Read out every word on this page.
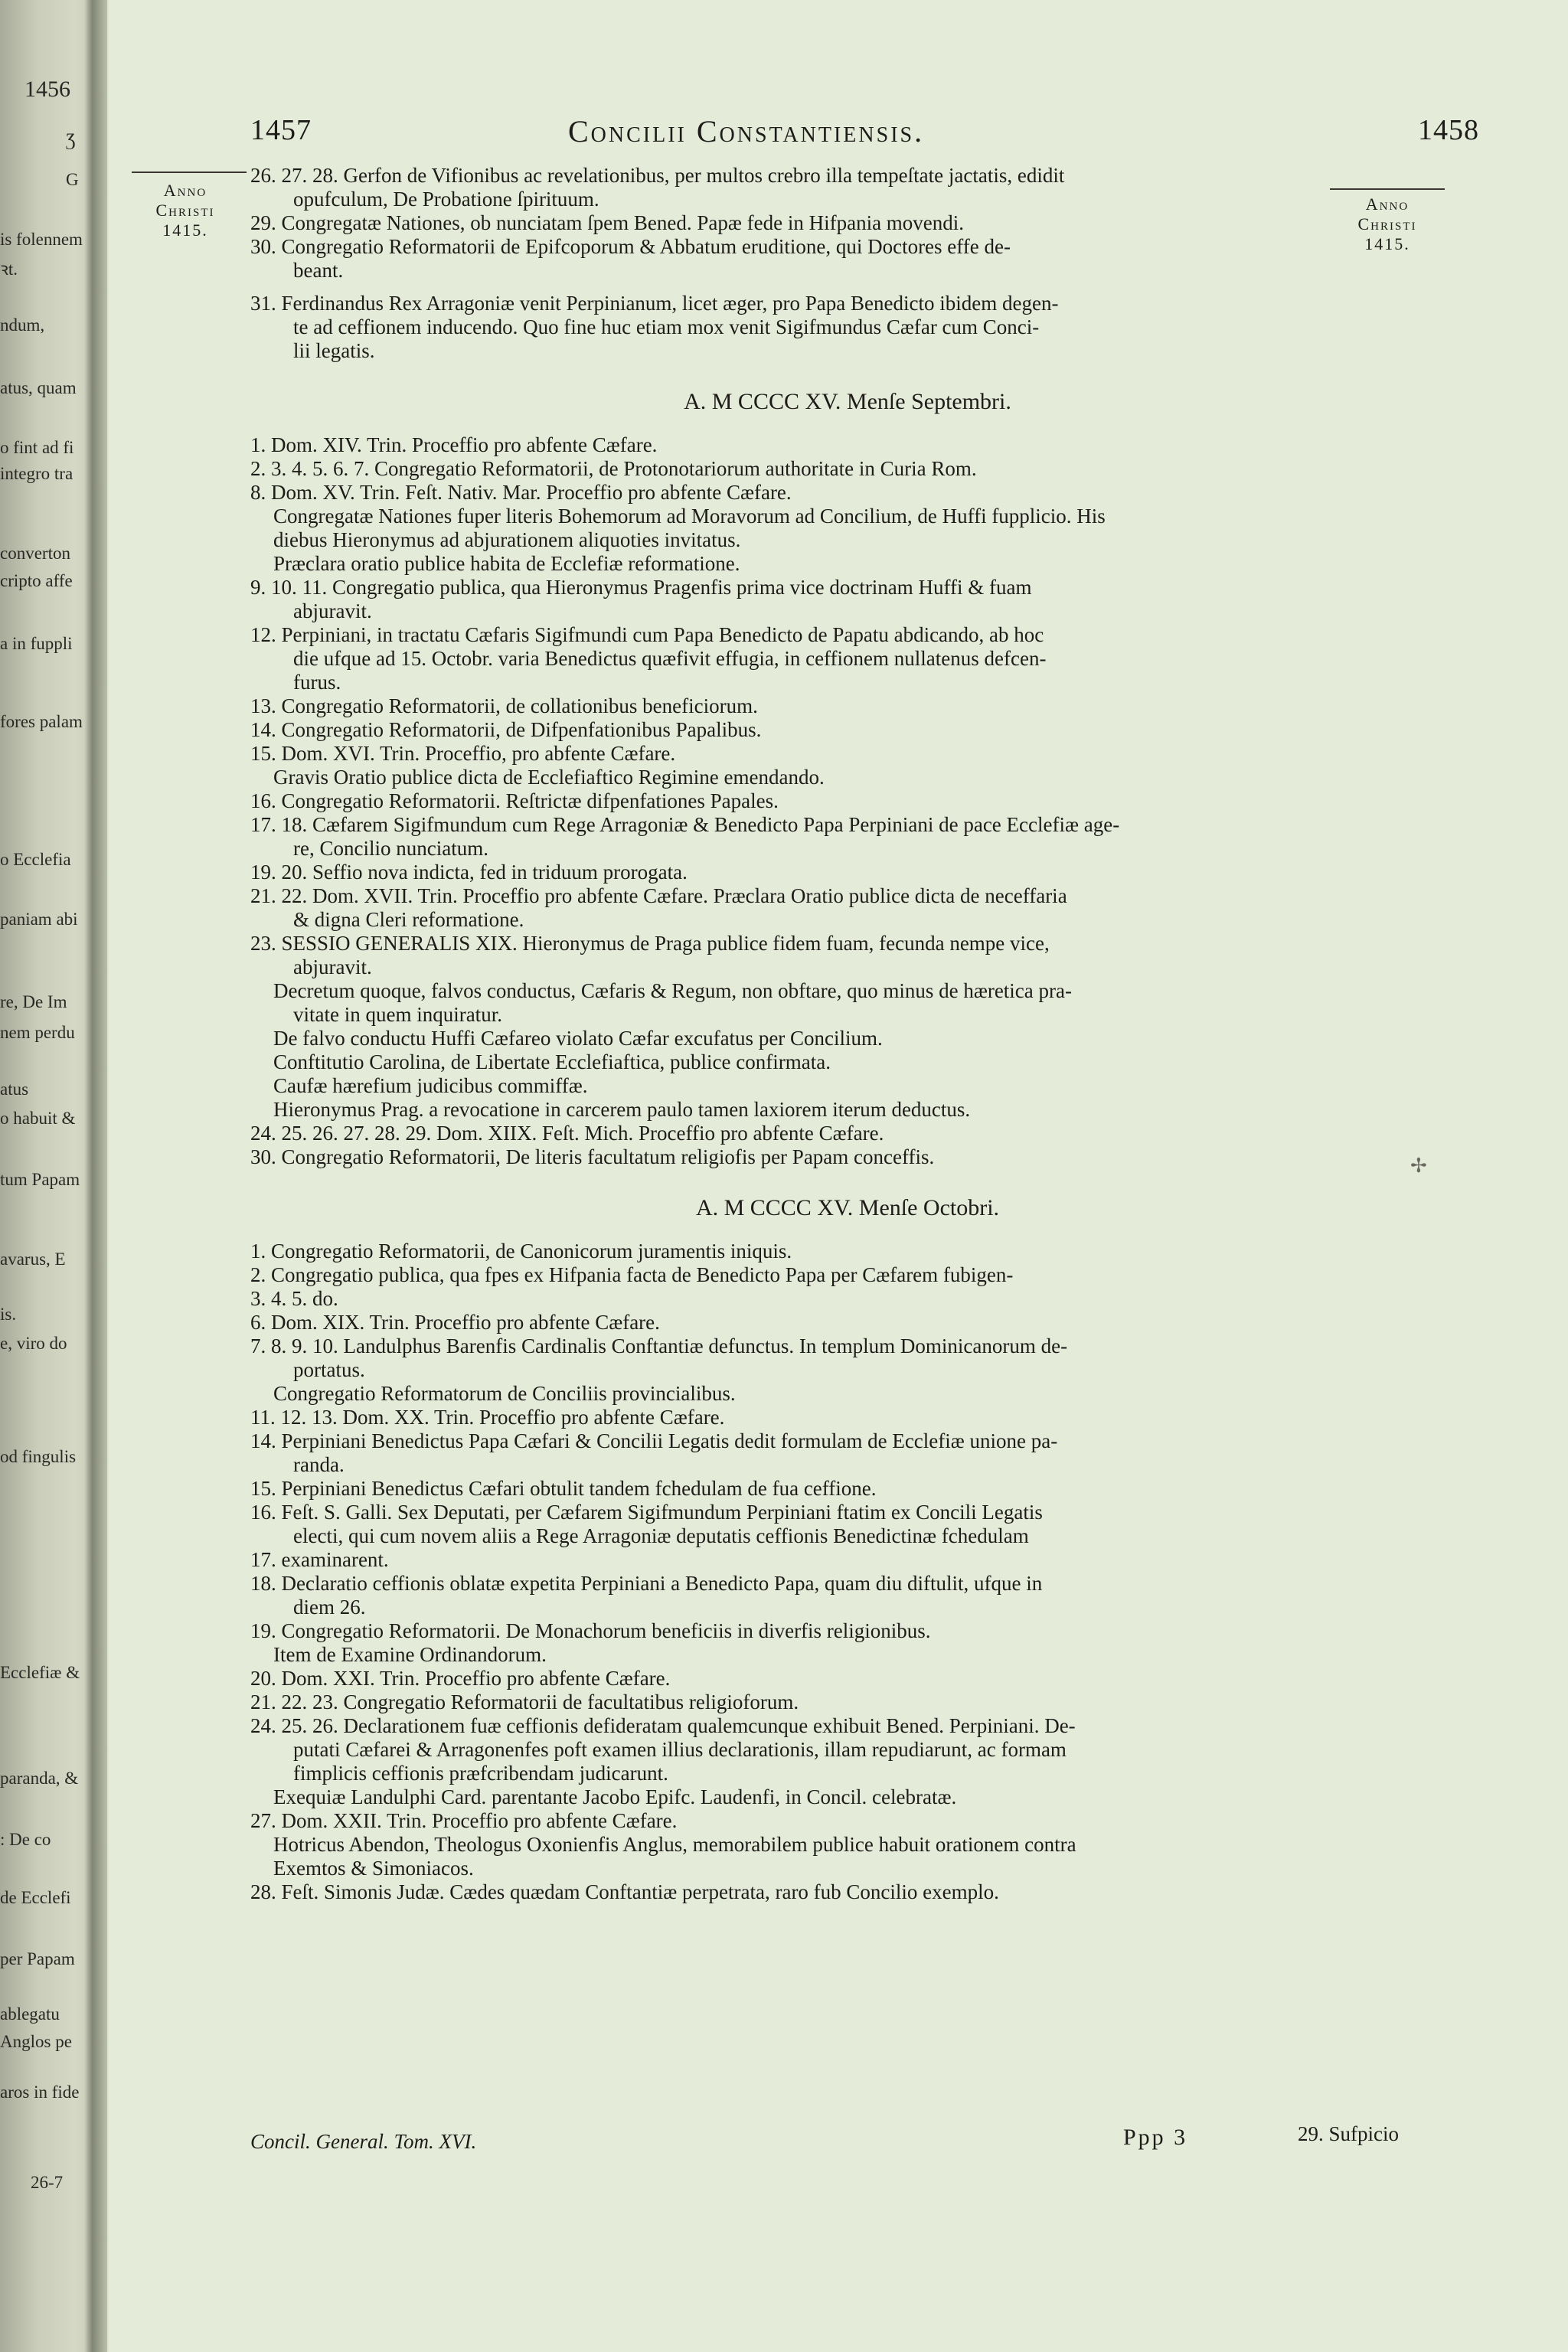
1456
Ʒ
G
is folennem
ꝛt.
ndum,
atus, quam
o fint ad fi
integro tra
converton
cripto affe
a in fuppli
fores palam
o Ecclefia
paniam abi
re, De Im
nem perdu
atus
o habuit &
tum Papam
avarus, E
is.
e, viro do
od fingulis
Ecclefiæ &
paranda, &
: De co
de Ecclefi
per Papam
ablegatu
Anglos pe
aros in fide
26-7
1457	Concilii Constantiensis.	1458
Anno
Christi
1415.
Anno
Christi
1415.

26. 27. 28. Gerfon de Vifionibus ac revelationibus, per multos crebro illa tempeſtate jactatis, edidit

opufculum, De Probatione ſpirituum.

29. Congregatæ Nationes, ob nunciatam ſpem Bened. Papæ fede in Hifpania movendi.

30. Congregatio Reformatorii de Epifcoporum & Abbatum eruditione, qui Doctores effe de-

beant.

31. Ferdinandus Rex Arragoniæ venit Perpinianum, licet æger, pro Papa Benedicto ibidem degen-

te ad ceffionem inducendo. Quo fine huc etiam mox venit Sigifmundus Cæfar cum Conci-

lii legatis.

A. M CCCC XV. Menſe Septembri.

1. Dom. XIV. Trin. Proceffio pro abfente Cæfare.

2. 3. 4. 5. 6. 7. Congregatio Reformatorii, de Protonotariorum authoritate in Curia Rom.

8. Dom. XV. Trin. Feſt. Nativ. Mar. Proceffio pro abfente Cæfare.

Congregatæ Nationes fuper literis Bohemorum ad Moravorum ad Concilium, de Huffi fupplicio. His

diebus Hieronymus ad abjurationem aliquoties invitatus.

Præclara oratio publice habita de Ecclefiæ reformatione.

9. 10. 11. Congregatio publica, qua Hieronymus Pragenfis prima vice doctrinam Huffi & fuam

abjuravit.

12. Perpiniani, in tractatu Cæfaris Sigifmundi cum Papa Benedicto de Papatu abdicando, ab hoc

die ufque ad 15. Octobr. varia Benedictus quæfivit effugia, in ceffionem nullatenus defcen-

furus.

13. Congregatio Reformatorii, de collationibus beneficiorum.

14. Congregatio Reformatorii, de Difpenfationibus Papalibus.

15. Dom. XVI. Trin. Proceffio, pro abfente Cæfare.

Gravis Oratio publice dicta de Ecclefiaftico Regimine emendando.

16. Congregatio Reformatorii. Reſtrictæ difpenfationes Papales.

17. 18. Cæfarem Sigifmundum cum Rege Arragoniæ & Benedicto Papa Perpiniani de pace Ecclefiæ age-

re, Concilio nunciatum.

19. 20. Seffio nova indicta, fed in triduum prorogata.

21. 22. Dom. XVII. Trin. Proceffio pro abfente Cæfare. Præclara Oratio publice dicta de neceffaria

& digna Cleri reformatione.

23. SESSIO GENERALIS XIX. Hieronymus de Praga publice fidem fuam, fecunda nempe vice,

abjuravit.

Decretum quoque, falvos conductus, Cæfaris & Regum, non obftare, quo minus de hæretica pra-

vitate in quem inquiratur.

De falvo conductu Huffi Cæfareo violato Cæfar excufatus per Concilium.

Conftitutio Carolina, de Libertate Ecclefiaftica, publice confirmata.

Caufæ hærefium judicibus commiffæ.

Hieronymus Prag. a revocatione in carcerem paulo tamen laxiorem iterum deductus.

24. 25. 26. 27. 28. 29. Dom. XIIX. Feſt. Mich. Proceffio pro abfente Cæfare.

30. Congregatio Reformatorii, De literis facultatum religiofis per Papam conceffis.

A. M CCCC XV. Menſe Octobri.

1. Congregatio Reformatorii, de Canonicorum juramentis iniquis.

2. Congregatio publica, qua fpes ex Hifpania facta de Benedicto Papa per Cæfarem fubigen-

3. 4. 5. do.

6. Dom. XIX. Trin. Proceffio pro abfente Cæfare.

7. 8. 9. 10. Landulphus Barenfis Cardinalis Conftantiæ defunctus. In templum Dominicanorum de-

portatus.

Congregatio Reformatorum de Conciliis provincialibus.

11. 12. 13. Dom. XX. Trin. Proceffio pro abfente Cæfare.

14. Perpiniani Benedictus Papa Cæfari & Concilii Legatis dedit formulam de Ecclefiæ unione pa-

randa.

15. Perpiniani Benedictus Cæfari obtulit tandem fchedulam de fua ceffione.

16. Feſt. S. Galli. Sex Deputati, per Cæfarem Sigifmundum Perpiniani ftatim ex Concili Legatis

electi, qui cum novem aliis a Rege Arragoniæ deputatis ceffionis Benedictinæ fchedulam

17. examinarent.

18. Declaratio ceffionis oblatæ expetita Perpiniani a Benedicto Papa, quam diu diftulit, ufque in

diem 26.

19. Congregatio Reformatorii. De Monachorum beneficiis in diverfis religionibus.

Item de Examine Ordinandorum.

20. Dom. XXI. Trin. Proceffio pro abfente Cæfare.

21. 22. 23. Congregatio Reformatorii de facultatibus religioforum.

24. 25. 26. Declarationem fuæ ceffionis defideratam qualemcunque exhibuit Bened. Perpiniani. De-

putati Cæfarei & Arragonenfes poft examen illius declarationis, illam repudiarunt, ac formam

fimplicis ceffionis præfcribendam judicarunt.

Exequiæ Landulphi Card. parentante Jacobo Epifc. Laudenfi, in Concil. celebratæ.

27. Dom. XXII. Trin. Proceffio pro abfente Cæfare.

Hotricus Abendon, Theologus Oxonienfis Anglus, memorabilem publice habuit orationem contra

Exemtos & Simoniacos.

28. Feſt. Simonis Judæ. Cædes quædam Conftantiæ perpetrata, raro fub Concilio exemplo.

Concil. General. Tom. XVI.	Ppp 3	29. Sufpicio
✢
